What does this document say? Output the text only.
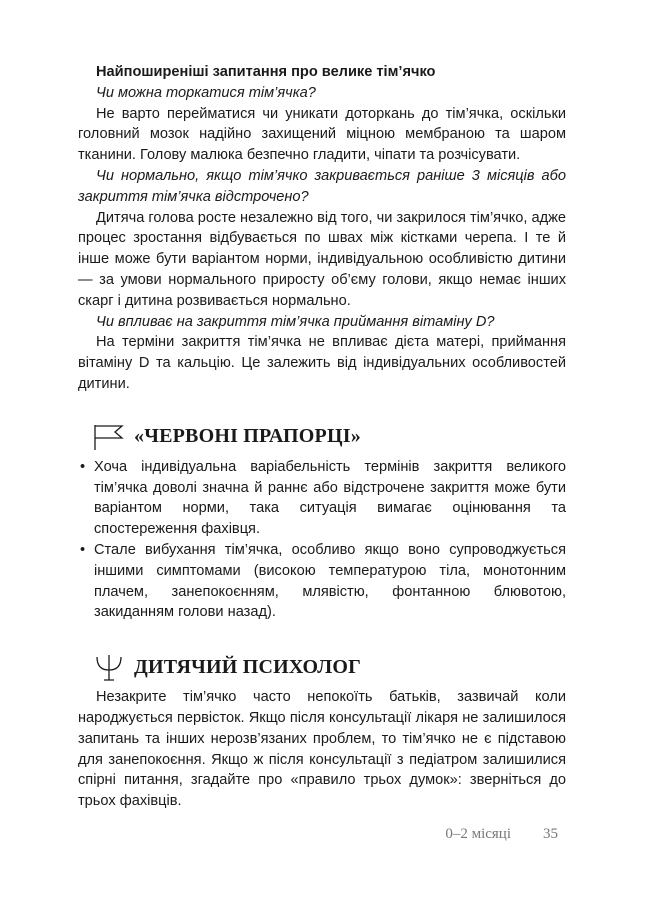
Найпоширеніші запитання про велике тім’ячко

Чи можна торкатися тім’ячка?

Не варто перейматися чи уникати доторкань до тім’ячка, оскільки головний мозок надійно захищений міцною мембраною та шаром тканини. Голову малюка безпечно гладити, чіпати та розчісувати.

Чи нормально, якщо тім’ячко закривається раніше 3 місяців або закриття тім’ячка відстрочено?

Дитяча голова росте незалежно від того, чи закрилося тім’ячко, адже процес зростання відбувається по швах між кістками черепа. І те й інше може бути варіантом норми, індивідуальною особливістю дитини — за умови нормального приросту об’єму голови, якщо немає інших скарг і дитина розвивається нормально.

Чи впливає на закриття тім’ячка приймання вітаміну D?

На терміни закриття тім’ячка не впливає дієта матері, приймання вітаміну D та кальцію. Це залежить від індивідуальних особливостей дитини.

«ЧЕРВОНІ ПРАПОРЦІ»
• Хоча індивідуальна варіабельність термінів закриття великого тім’ячка доволі значна й раннє або відстрочене закриття може бути варіантом норми, така ситуація вимагає оцінювання та спостереження фахівця.
• Стале вибухання тім’ячка, особливо якщо воно супроводжується іншими симптомами (високою температурою тіла, монотонним плачем, занепокоєнням, млявістю, фонтанною блювотою, закиданням голови назад).
ДИТЯЧИЙ ПСИХОЛОГ

Незакрите тім’ячко часто непокоїть батьків, зазвичай коли народжується первісток. Якщо після консультації лікаря не залишилося запитань та інших нерозв’язаних проблем, то тім’ячко не є підставою для занепокоєння. Якщо ж після консультації з педіатром залишилися спірні питання, згадайте про «правило трьох думок»: зверніться до трьох фахівців.

0–2 місяці 35
